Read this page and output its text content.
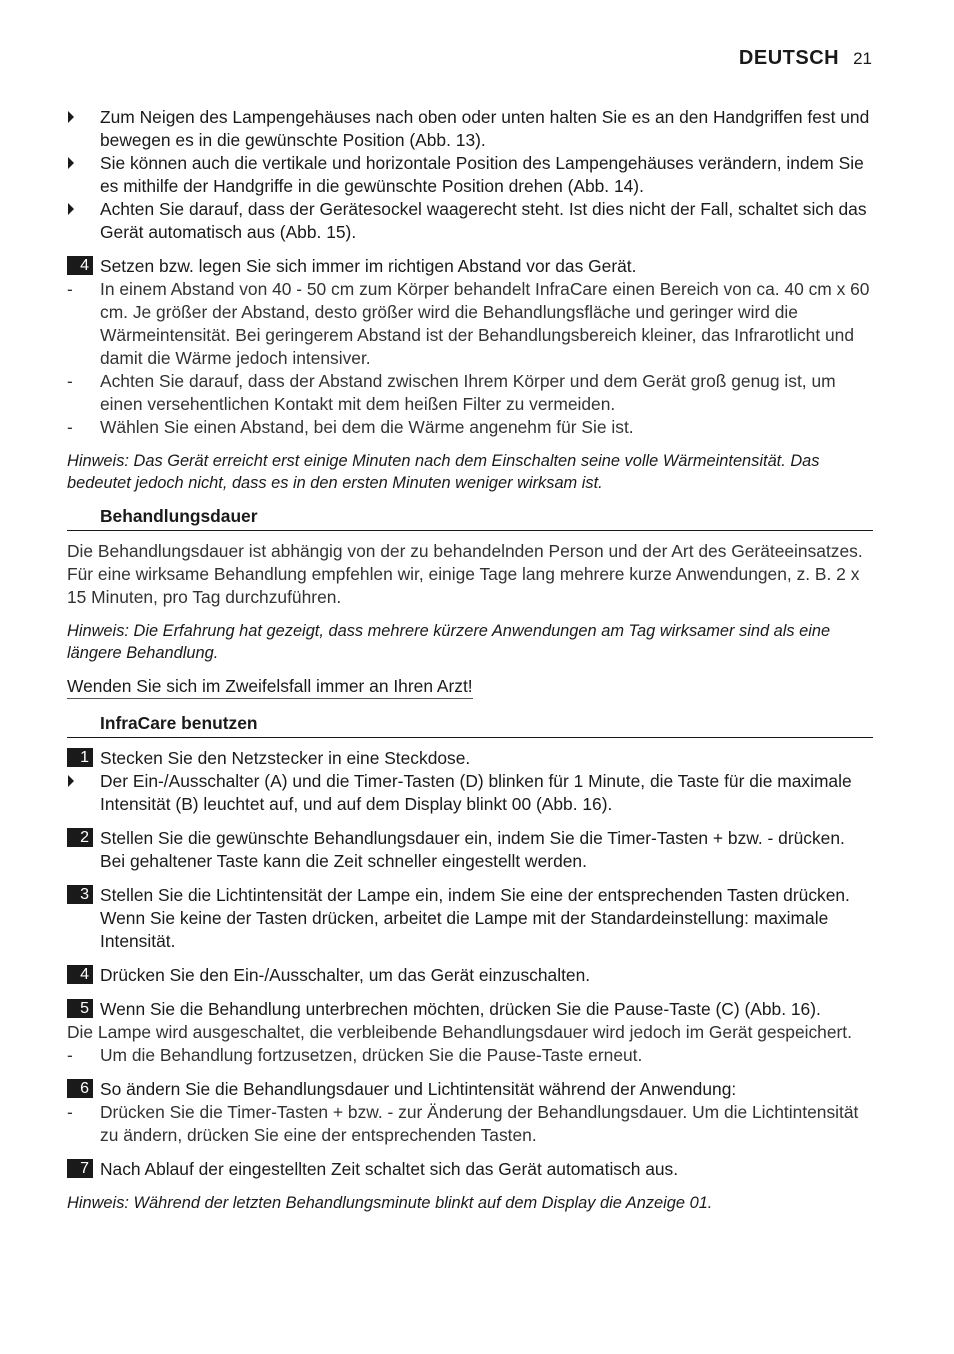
DEUTSCH 21
Zum Neigen des Lampengehäuses nach oben oder unten halten Sie es an den Handgriffen fest und bewegen es in die gewünschte Position (Abb. 13).
Sie können auch die vertikale und horizontale Position des Lampengehäuses verändern, indem Sie es mithilfe der Handgriffe in die gewünschte Position drehen (Abb. 14).
Achten Sie darauf, dass der Gerätesockel waagerecht steht. Ist dies nicht der Fall, schaltet sich das Gerät automatisch aus (Abb. 15).
4 Setzen bzw. legen Sie sich immer im richtigen Abstand vor das Gerät.
- In einem Abstand von 40 - 50 cm zum Körper behandelt InfraCare einen Bereich von ca. 40 cm x 60 cm. Je größer der Abstand, desto größer wird die Behandlungsfläche und geringer wird die Wärmeintensität. Bei geringerem Abstand ist der Behandlungsbereich kleiner, das Infrarotlicht und damit die Wärme jedoch intensiver.
- Achten Sie darauf, dass der Abstand zwischen Ihrem Körper und dem Gerät groß genug ist, um einen versehentlichen Kontakt mit dem heißen Filter zu vermeiden.
- Wählen Sie einen Abstand, bei dem die Wärme angenehm für Sie ist.

Hinweis: Das Gerät erreicht erst einige Minuten nach dem Einschalten seine volle Wärmeintensität. Das bedeutet jedoch nicht, dass es in den ersten Minuten weniger wirksam ist.

Behandlungsdauer

Die Behandlungsdauer ist abhängig von der zu behandelnden Person und der Art des Geräteeinsatzes. Für eine wirksame Behandlung empfehlen wir, einige Tage lang mehrere kurze Anwendungen, z. B. 2 x 15 Minuten, pro Tag durchzuführen.

Hinweis: Die Erfahrung hat gezeigt, dass mehrere kürzere Anwendungen am Tag wirksamer sind als eine längere Behandlung.

Wenden Sie sich im Zweifelsfall immer an Ihren Arzt!

InfraCare benutzen
1 Stecken Sie den Netzstecker in eine Steckdose.
Der Ein-/Ausschalter (A) und die Timer-Tasten (D) blinken für 1 Minute, die Taste für die maximale Intensität (B) leuchtet auf, und auf dem Display blinkt 00 (Abb. 16).
2 Stellen Sie die gewünschte Behandlungsdauer ein, indem Sie die Timer-Tasten + bzw. - drücken. Bei gehaltener Taste kann die Zeit schneller eingestellt werden.
3 Stellen Sie die Lichtintensität der Lampe ein, indem Sie eine der entsprechenden Tasten drücken. Wenn Sie keine der Tasten drücken, arbeitet die Lampe mit der Standardeinstellung: maximale Intensität.
4 Drücken Sie den Ein-/Ausschalter, um das Gerät einzuschalten.
5 Wenn Sie die Behandlung unterbrechen möchten, drücken Sie die Pause-Taste (C) (Abb. 16).

Die Lampe wird ausgeschaltet, die verbleibende Behandlungsdauer wird jedoch im Gerät gespeichert.

- Um die Behandlung fortzusetzen, drücken Sie die Pause-Taste erneut.
6 So ändern Sie die Behandlungsdauer und Lichtintensität während der Anwendung:
- Drücken Sie die Timer-Tasten + bzw. - zur Änderung der Behandlungsdauer. Um die Lichtintensität zu ändern, drücken Sie eine der entsprechenden Tasten.
7 Nach Ablauf der eingestellten Zeit schaltet sich das Gerät automatisch aus.

Hinweis: Während der letzten Behandlungsminute blinkt auf dem Display die Anzeige 01.
